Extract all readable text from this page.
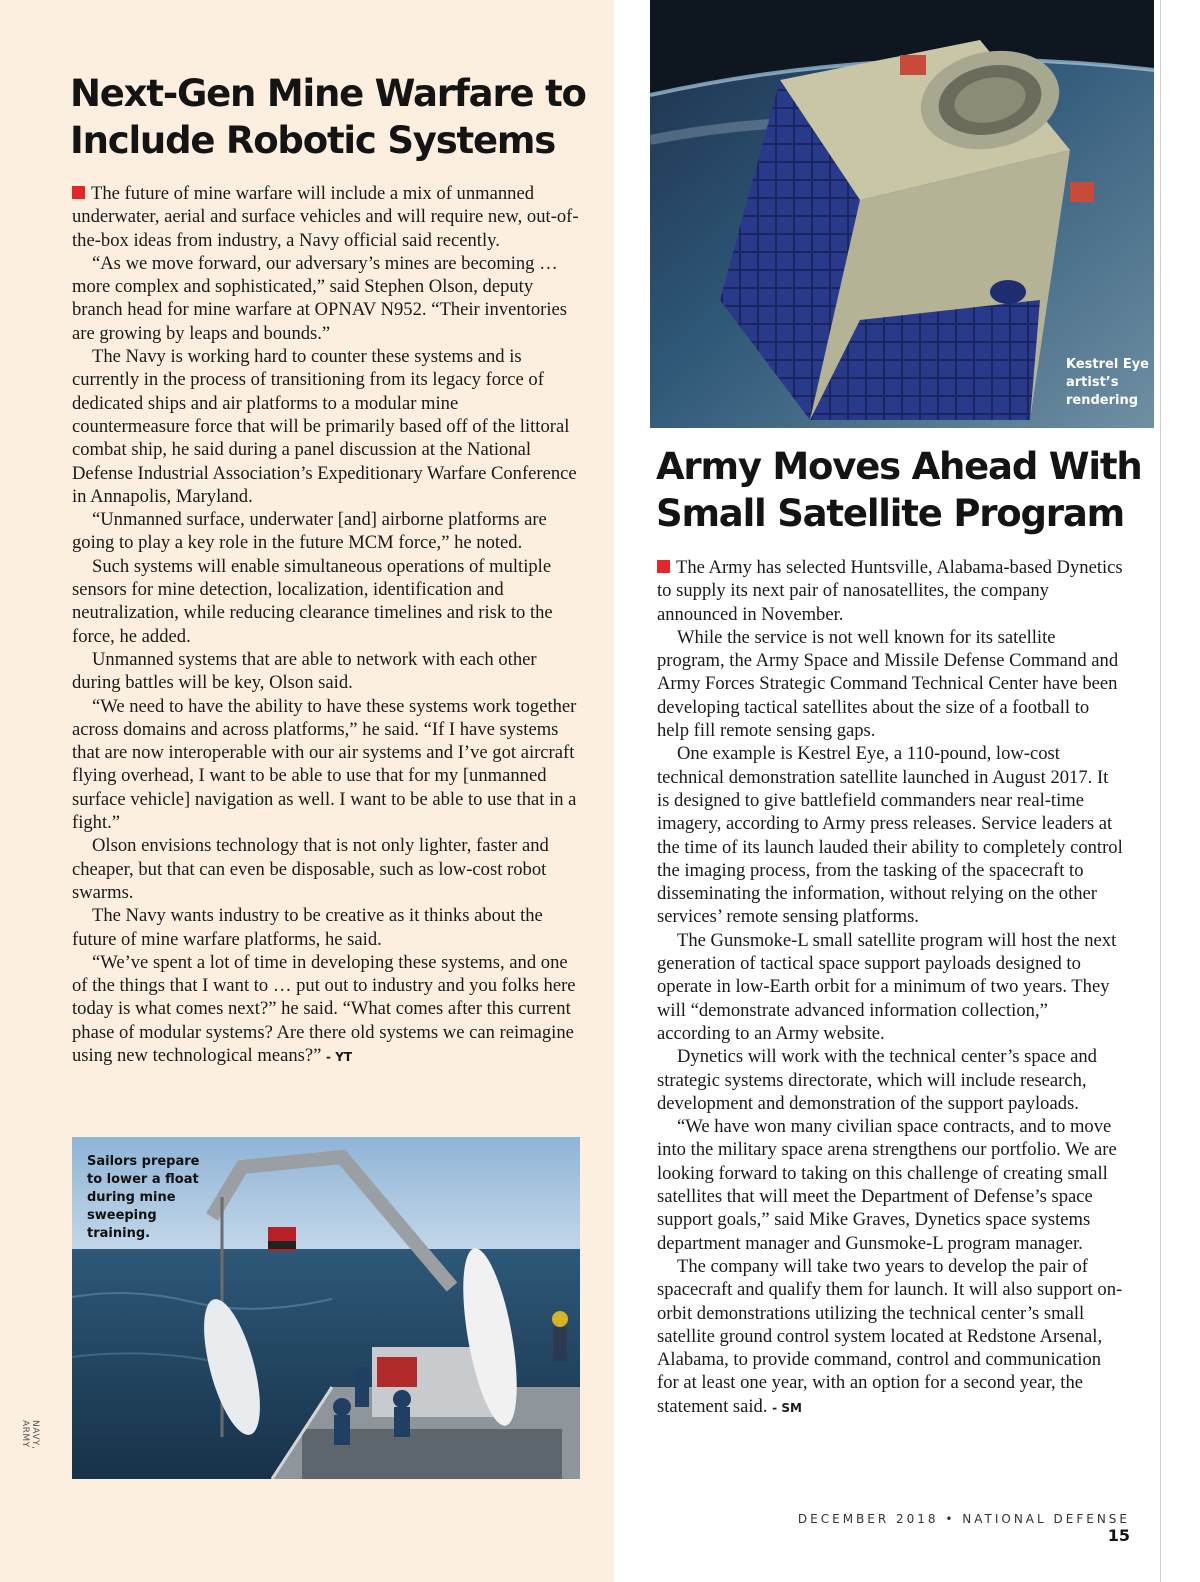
Next-Gen Mine Warfare to
Include Robotic Systems

The future of mine warfare will include a mix of unmanned underwater, aerial and surface vehicles and will require new, out-of-the-box ideas from industry, a Navy official said recently.

“As we move forward, our adversary’s mines are becoming … more complex and sophisticated,” said Stephen Olson, deputy branch head for mine warfare at OPNAV N952. “Their inventories are growing by leaps and bounds.”

The Navy is working hard to counter these systems and is currently in the process of transitioning from its legacy force of dedicated ships and air platforms to a modular mine countermeasure force that will be primarily based off of the littoral combat ship, he said during a panel discussion at the National Defense Industrial Association’s Expeditionary Warfare Conference in Annapolis, Maryland.

“Unmanned surface, underwater [and] airborne platforms are going to play a key role in the future MCM force,” he noted.

Such systems will enable simultaneous operations of multiple sensors for mine detection, localization, identification and neutralization, while reducing clearance timelines and risk to the force, he added.

Unmanned systems that are able to network with each other during battles will be key, Olson said.

“We need to have the ability to have these systems work together across domains and across platforms,” he said. “If I have systems that are now interoperable with our air systems and I’ve got aircraft flying overhead, I want to be able to use that for my [unmanned surface vehicle] navigation as well. I want to be able to use that in a fight.”

Olson envisions technology that is not only lighter, faster and cheaper, but that can even be disposable, such as low-cost robot swarms.

The Navy wants industry to be creative as it thinks about the future of mine warfare platforms, he said.

“We’ve spent a lot of time in developing these systems, and one of the things that I want to … put out to industry and you folks here today is what comes next?” he said. “What comes after this current phase of modular systems? Are there old systems we can reimagine using new technological means?” - YT

Sailors prepare
to lower a float
during mine
sweeping
training.

NAVY, ARMY

Kestrel Eye
artist’s
rendering

Army Moves Ahead With
Small Satellite Program

The Army has selected Huntsville, Alabama-based Dynetics to supply its next pair of nanosatellites, the company announced in November.

While the service is not well known for its satellite program, the Army Space and Missile Defense Command and Army Forces Strategic Command Technical Center have been developing tactical satellites about the size of a football to help fill remote sensing gaps.

One example is Kestrel Eye, a 110-pound, low-cost technical demonstration satellite launched in August 2017. It is designed to give battlefield commanders near real-time imagery, according to Army press releases. Service leaders at the time of its launch lauded their ability to completely control the imaging process, from the tasking of the spacecraft to disseminating the information, without relying on the other services’ remote sensing platforms.

The Gunsmoke-L small satellite program will host the next generation of tactical space support payloads designed to operate in low-Earth orbit for a minimum of two years. They will “demonstrate advanced information collection,” according to an Army website.

Dynetics will work with the technical center’s space and strategic systems directorate, which will include research, development and demonstration of the support payloads.

“We have won many civilian space contracts, and to move into the military space arena strengthens our portfolio. We are looking forward to taking on this challenge of creating small satellites that will meet the Department of Defense’s space support goals,” said Mike Graves, Dynetics space systems department manager and Gunsmoke-L program manager.

The company will take two years to develop the pair of spacecraft and qualify them for launch. It will also support on-orbit demonstrations utilizing the technical center’s small satellite ground control system located at Redstone Arsenal, Alabama, to provide command, control and communication for at least one year, with an option for a second year, the statement said. - SM

DECEMBER 2018 • NATIONAL DEFENSE 15
